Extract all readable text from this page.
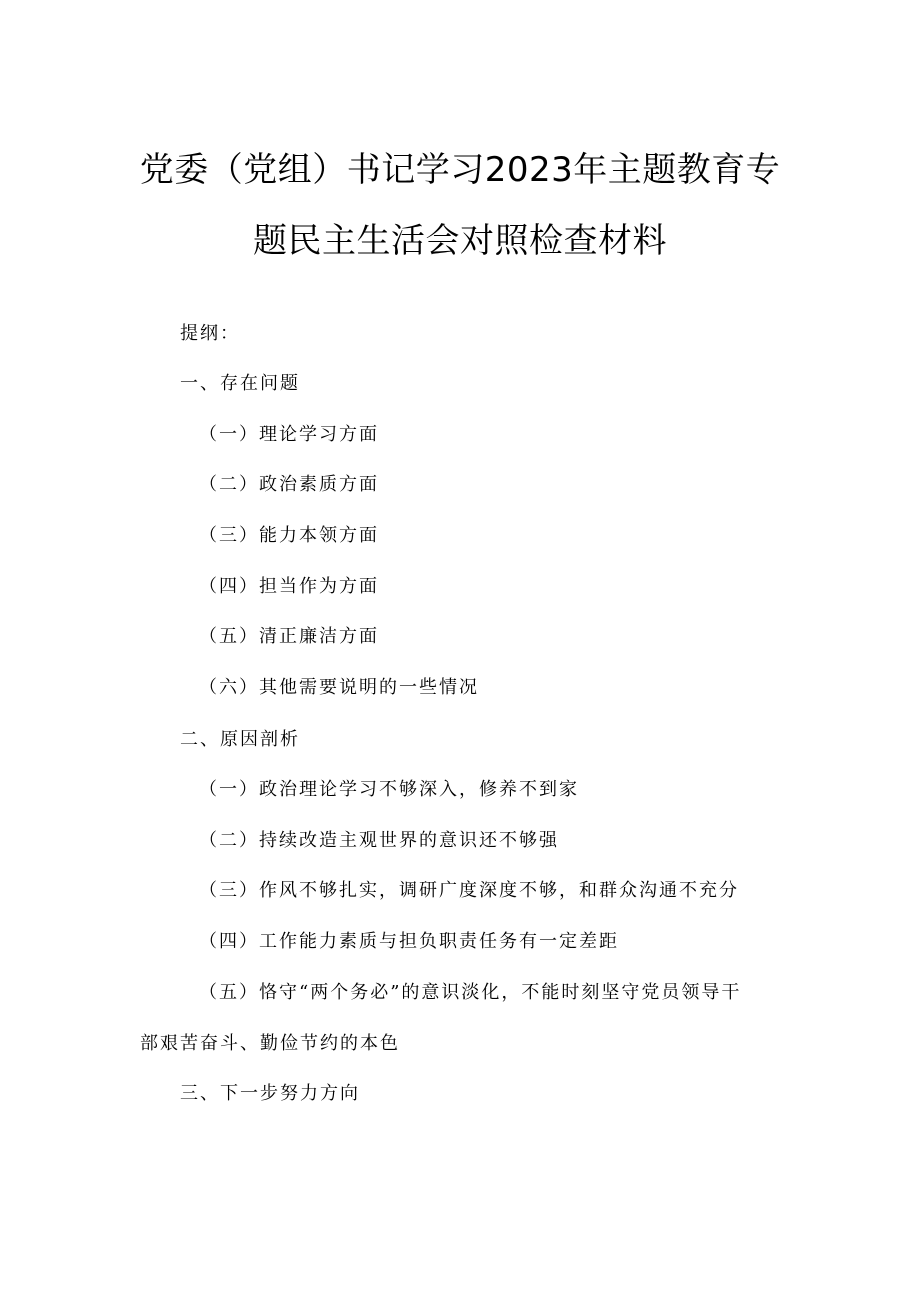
党委（党组）书记学习2023年主题教育专
题民主生活会对照检查材料
提纲：
一、存在问题
（一）理论学习方面
（二）政治素质方面
（三）能力本领方面
（四）担当作为方面
（五）清正廉洁方面
（六）其他需要说明的一些情况
二、原因剖析
（一）政治理论学习不够深入，修养不到家
（二）持续改造主观世界的意识还不够强
（三）作风不够扎实，调研广度深度不够，和群众沟通不充分
（四）工作能力素质与担负职责任务有一定差距
（五）恪守“两个务必”的意识淡化，不能时刻坚守党员领导干
部艰苦奋斗、勤俭节约的本色
三、下一步努力方向
